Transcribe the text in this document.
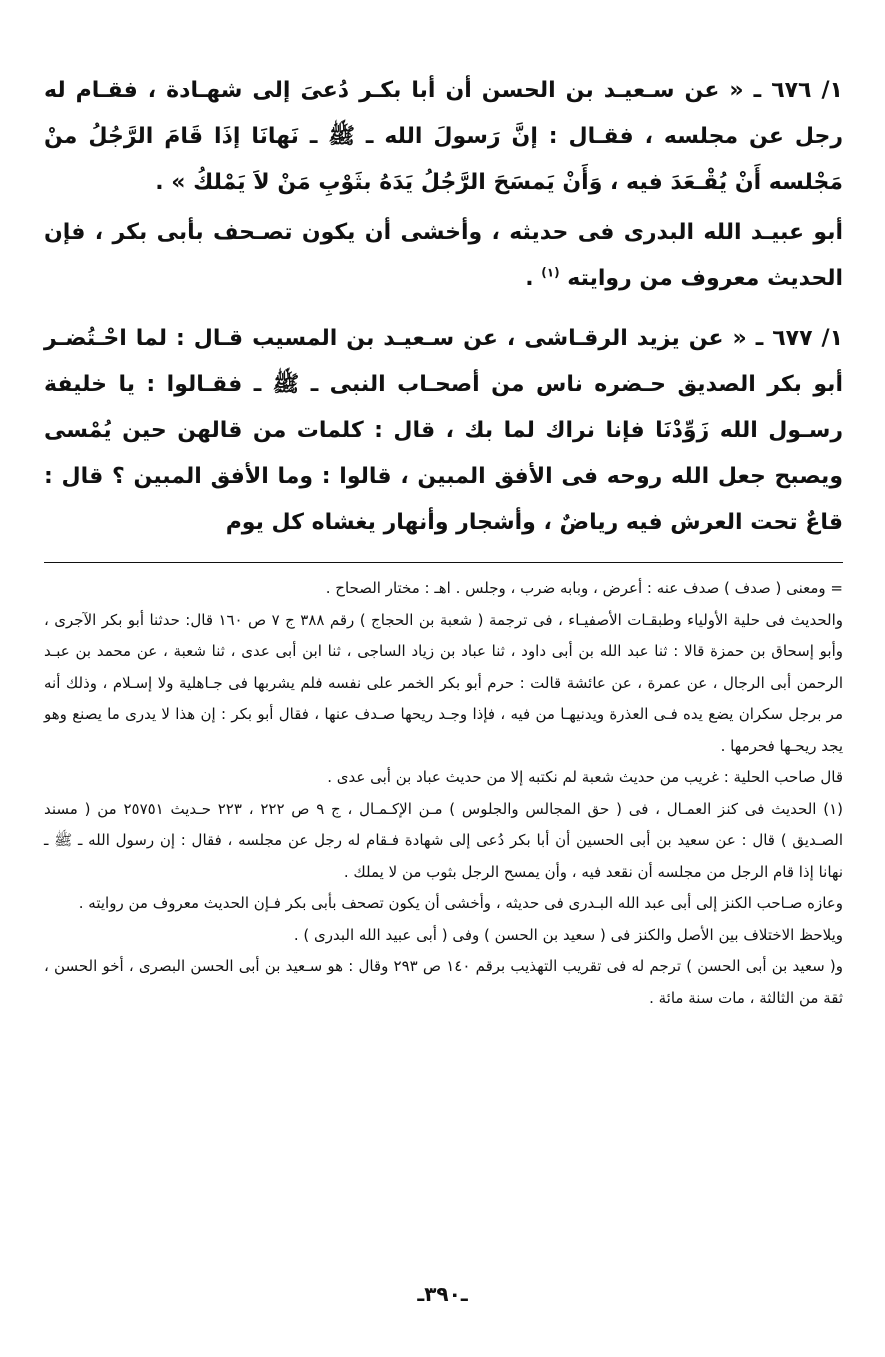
١/ ٦٧٦ ـ « عن سـعيـد بن الحسن أن أبا بكـر دُعىَ إلى شهـادة ، فقـام له رجل عن مجلسه ، فقـال : إنَّ رَسولَ الله ـ ﷺ ـ نَهانَا إذَا قَامَ الرَّجُلُ منْ مَجْلسه أَنْ يُقْـعَدَ فيه ، وَأَنْ يَمسَحَ الرَّجُلُ يَدَهُ بثَوْبِ مَنْ لاَ يَمْلكُ » .

أبو عبيـد الله البدرى فى حديثه ، وأخشى أن يكون تصـحف بأبى بكر ، فإن الحديث معروف من روايته $^{(١)}$ .

١/ ٦٧٧ ـ « عن يزيد الرقـاشى ، عن سـعيـد بن المسيب قـال : لما احْـتُضـر أبو بكر الصديق حـضره ناس من أصحـاب النبى ـ ﷺ ـ فقـالوا : يا خليفة رسـول الله زَوِّدْنَا فإنا نراك لما بك ، قال : كلمات من قالهن حين يُمْسى ويصبح جعل الله روحه فى الأفق المبين ، قالوا : وما الأفق المبين ؟ قال : قاعٌ تحت العرش فيه رياضٌ ، وأشجار وأنهار يغشاه كل يوم

= ومعنى ( صدف ) صدف عنه : أعرض ، وبابه ضرب ، وجلس . اهـ : مختار الصحاح .

والحديث فى حلية الأولياء وطبقـات الأصفيـاء ، فى ترجمة ( شعبة بن الحجاج ) رقم ٣٨٨ ج ٧ ص ١٦٠ قال: حدثنا أبو بكر الآجرى ، وأبو إسحاق بن حمزة قالا : ثنا عبد الله بن أبى داود ، ثنا عباد بن زياد الساجى ، ثنا ابن أبى عدى ، ثنا شعبة ، عن محمد بن عبـد الرحمن أبى الرجال ، عن عمرة ، عن عائشة قالت : حرم أبو بكر الخمر على نفسه فلم يشربها فى جـاهلية ولا إسـلام ، وذلك أنه مر برجل سكران يضع يده فـى العذرة ويدنيهـا من فيه ، فإذا وجـد ريحها صـدف عنها ، فقال أبو بكر : إن هذا لا يدرى ما يصنع وهو يجد ريحـها فحرمها .

قال صاحب الحلية : غريب من حديث شعبة لم نكتبه إلا من حديث عباد بن أبى عدى .

(١) الحديث فى كنز العمـال ، فى ( حق المجالس والجلوس ) مـن الإكـمـال ، ج ٩ ص ٢٢٢ ، ٢٢٣ حـديث ٢٥٧٥١ من ( مسند الصـديق ) قال : عن سعيد بن أبى الحسين أن أبا بكر دُعى إلى شهادة فـقام له رجل عن مجلسه ، فقال : إن رسول الله ـ ﷺ ـ نهانا إذا قام الرجل من مجلسه أن نقعد فيه ، وأن يمسح الرجل بثوب من لا يملك .

وعازه صـاحب الكنز إلى أبى عبد الله البـدرى فى حديثه ، وأخشى أن يكون تصحف بأبى بكر فـإن الحديث معروف من روايته .

ويلاحظ الاختلاف بين الأصل والكنز فى ( سعيد بن الحسن ) وفى ( أبى عبيد الله البدرى ) .

و( سعيد بن أبى الحسن ) ترجم له فى تقريب التهذيب برقم ١٤٠ ص ٢٩٣ وقال : هو سـعيد بن أبى الحسن البصرى ، أخو الحسن ، ثقة من الثالثة ، مات سنة مائة .

ـ٣٩٠ـ
